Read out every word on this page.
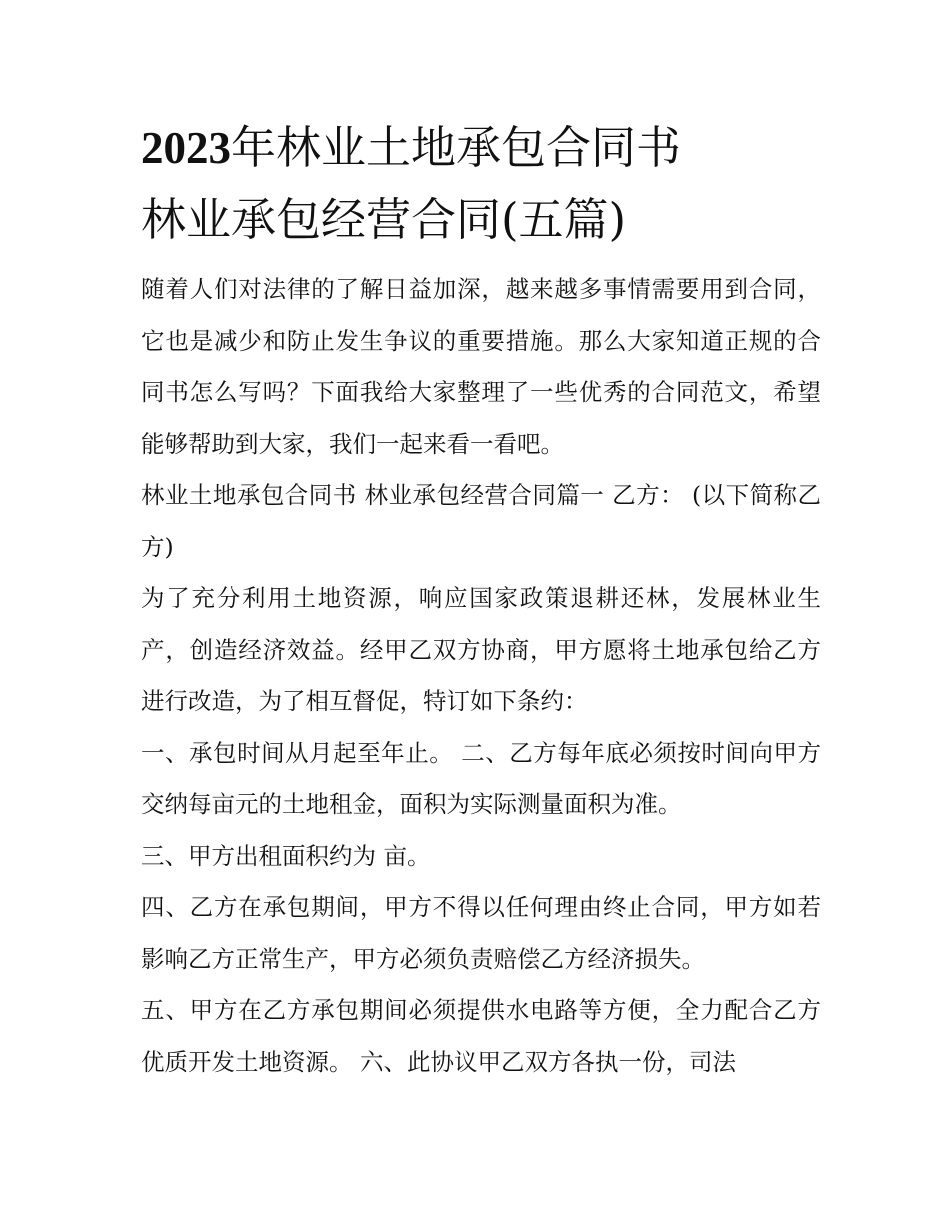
2023年林业土地承包合同书
林业承包经营合同(五篇)

随着人们对法律的了解日益加深，越来越多事情需要用到合同，它也是减少和防止发生争议的重要措施。那么大家知道正规的合同书怎么写吗？下面我给大家整理了一些优秀的合同范文，希望能够帮助到大家，我们一起来看一看吧。

林业土地承包合同书 林业承包经营合同篇一 乙方： (以下简称乙方)

为了充分利用土地资源，响应国家政策退耕还林，发展林业生产，创造经济效益。经甲乙双方协商，甲方愿将土地承包给乙方进行改造，为了相互督促，特订如下条约：

一、承包时间从月起至年止。 二、乙方每年底必须按时间向甲方交纳每亩元的土地租金，面积为实际测量面积为准。

三、甲方出租面积约为 亩。

四、乙方在承包期间，甲方不得以任何理由终止合同，甲方如若 影响乙方正常生产，甲方必须负责赔偿乙方经济损失。

五、甲方在乙方承包期间必须提供水电路等方便，全力配合乙方优质开发土地资源。 六、此协议甲乙双方各执一份，司法
